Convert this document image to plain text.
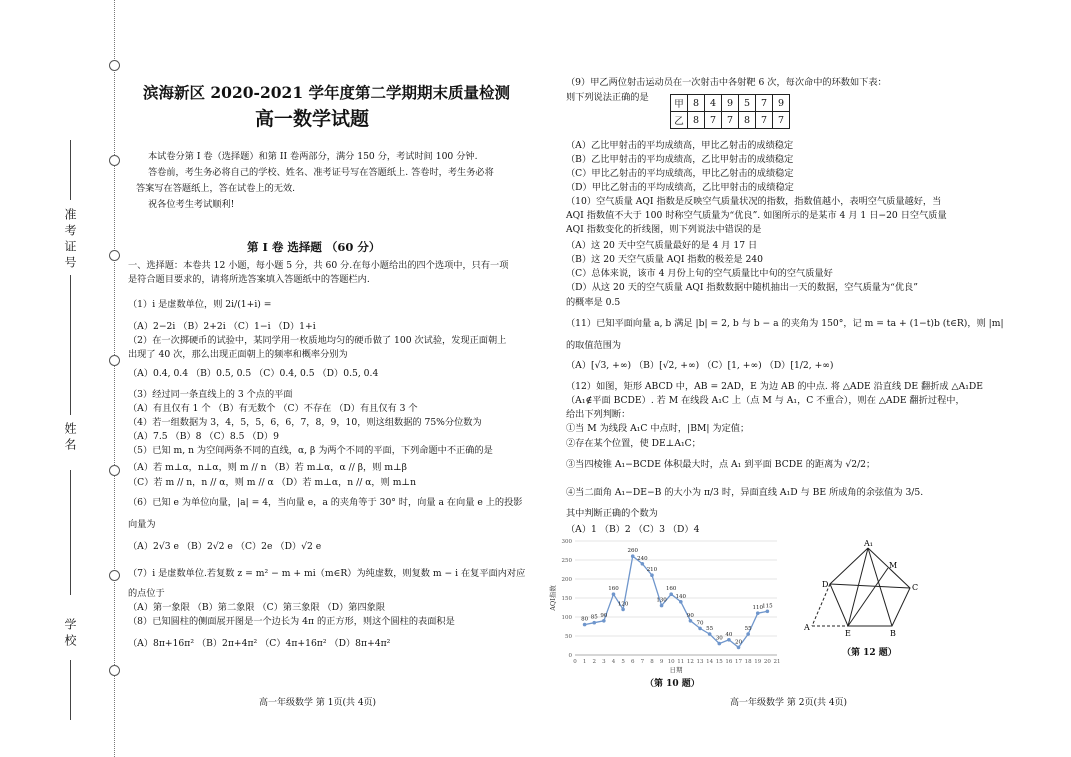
准考证号
姓名
学校
滨海新区 2020-2021 学年度第二学期期末质量检测
高一数学试题
本试卷分第 I 卷（选择题）和第 II 卷两部分，满分 150 分，考试时间 100 分钟.
答卷前，考生务必将自己的学校、姓名、准考证号写在答题纸上. 答卷时，考生务必将
答案写在答题纸上，答在试卷上的无效.
祝各位考生考试顺利!
第 I 卷 选择题 （60 分）
一、选择题：本卷共 12 小题，每小题 5 分，共 60 分.在每小题给出的四个选项中，只有一项
是符合题目要求的，请将所选答案填入答题纸中的答题栏内.
（1）i 是虚数单位，则 2i/(1+i) =
（A）2−2i （B）2+2i （C）1−i （D）1+i
（2）在一次掷硬币的试验中，某同学用一枚质地均匀的硬币做了 100 次试验，发现正面朝上
出现了 40 次，那么出现正面朝上的频率和概率分别为
（A）0.4, 0.4 （B）0.5, 0.5 （C）0.4, 0.5 （D）0.5, 0.4
（3）经过同一条直线上的 3 个点的平面
（A）有且仅有 1 个 （B）有无数个 （C）不存在 （D）有且仅有 3 个
（4）若一组数据为 3，4，5，5，6，6，7，8，9，10，则这组数据的 75%分位数为
（A）7.5 （B）8 （C）8.5 （D）9
（5）已知 m, n 为空间两条不同的直线，α, β 为两个不同的平面，下列命题中不正确的是
（A）若 m⊥α，n⊥α，则 m // n （B）若 m⊥α，α // β，则 m⊥β
（C）若 m // n，n // α，则 m // α （D）若 m⊥α，n // α，则 m⊥n
（6）已知 e 为单位向量，|a| = 4，当向量 e，a 的夹角等于 30° 时，向量 a 在向量 e 上的投影
向量为
（A）2√3 e （B）2√2 e （C）2e （D）√2 e
（7）i 是虚数单位.若复数 z = m² − m + mi（m∈R）为纯虚数，则复数 m − i 在复平面内对应
的点位于
（A）第一象限 （B）第二象限 （C）第三象限 （D）第四象限
（8）已知圆柱的侧面展开图是一个边长为 4π 的正方形，则这个圆柱的表面积是
（A）8π+16π² （B）2π+4π² （C）4π+16π² （D）8π+4π²
高一年级数学 第 1页(共 4页)
（9）甲乙两位射击运动员在一次射击中各射靶 6 次，每次命中的环数如下表：
则下列说法正确的是
甲	8	4	9	5	7	9
乙	8	7	7	8	7	7
（A）乙比甲射击的平均成绩高，甲比乙射击的成绩稳定
（B）乙比甲射击的平均成绩高，乙比甲射击的成绩稳定
（C）甲比乙射击的平均成绩高，甲比乙射击的成绩稳定
（D）甲比乙射击的平均成绩高，乙比甲射击的成绩稳定
（10）空气质量 AQI 指数是反映空气质量状况的指数，指数值越小，表明空气质量越好，当
AQI 指数值不大于 100 时称空气质量为“优良”. 如图所示的是某市 4 月 1 日−20 日空气质量
AQI 指数变化的折线图，则下列说法中错误的是
（A）这 20 天中空气质量最好的是 4 月 17 日
（B）这 20 天空气质量 AQI 指数的极差是 240
（C）总体来说，该市 4 月份上旬的空气质量比中旬的空气质量好
（D）从这 20 天的空气质量 AQI 指数数据中随机抽出一天的数据，空气质量为“优良”
的概率是 0.5
（11）已知平面向量 a, b 满足 |b| = 2, b 与 b − a 的夹角为 150°，记 m = ta + (1−t)b (t∈R)，则 |m|
的取值范围为
（A）[√3, +∞) （B）[√2, +∞) （C）[1, +∞) （D）[1/2, +∞)
（12）如图，矩形 ABCD 中，AB = 2AD，E 为边 AB 的中点. 将 △ADE 沿直线 DE 翻折成 △A₁DE
（A₁∉平面 BCDE）. 若 M 在线段 A₁C 上（点 M 与 A₁，C 不重合），则在 △ADE 翻折过程中，
给出下列判断：
①当 M 为线段 A₁C 中点时，|BM| 为定值；
②存在某个位置，使 DE⊥A₁C；
③当四棱锥 A₁−BCDE 体积最大时，点 A₁ 到平面 BCDE 的距离为 √2/2；
④当二面角 A₁−DE−B 的大小为 π/3 时，异面直线 A₁D 与 BE 所成角的余弦值为 3/5.
其中判断正确的个数为
（A）1 （B）2 （C）3 （D）4
0
50
100
150
200
250
300
0 1 2 3 4 5 6 7 8 9 10 11 12 13 14 15 16 17 18 19 20 21
80 85 90
160
120
260
240
210
130
160
140
90
70
55
30
40
20
55
110 115
日期
AQI指数
（第 10 题）
A₁
D	C
M
A
E	B
（第 12 题）
高一年级数学 第 2页(共 4页)
